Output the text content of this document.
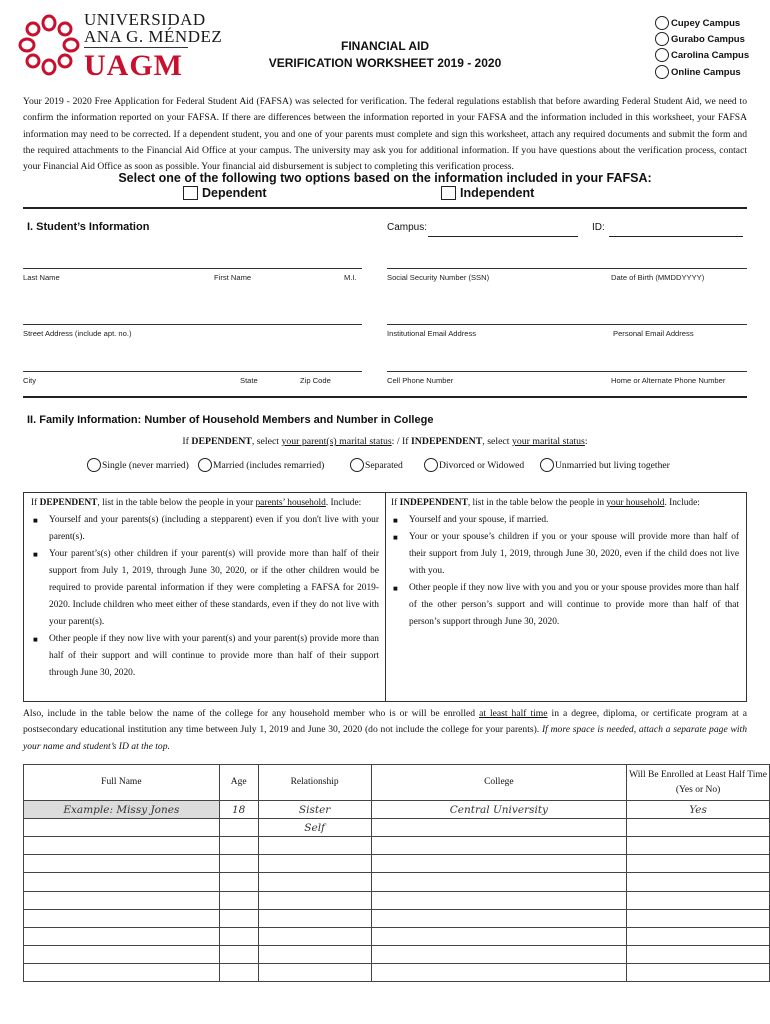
UNIVERSIDAD
ANA G. MÉNDEZ
UAGM
FINANCIAL AID
VERIFICATION WORKSHEET 2019 - 2020
Cupey Campus
Gurabo Campus
Carolina Campus
Online Campus
Your 2019 - 2020 Free Application for Federal Student Aid (FAFSA) was selected for verification. The federal regulations establish that before awarding Federal Student Aid, we need to confirm the information reported on your FAFSA. If there are differences between the information reported in your FAFSA and the information included in this worksheet, your FAFSA information may need to be corrected. If a dependent student, you and one of your parents must complete and sign this worksheet, attach any required documents and submit the form and the required attachments to the Financial Aid Office at your campus. The university may ask you for additional information. If you have questions about the verification process, contact your Financial Aid Office as soon as possible. Your financial aid disbursement is subject to completing this verification process.
Select one of the following two options based on the information included in your FAFSA:
Dependent	Independent
I. Student’s Information	Campus:	ID:
Last Name	First Name	M.I.	Social Security Number (SSN)	Date of Birth (MMDDYYYY)
Street Address (include apt. no.)	Institutional Email Address	Personal Email Address
City	State	Zip Code	Cell Phone Number	Home or Alternate Phone Number
II. Family Information: Number of Household Members and Number in College
If DEPENDENT, select your parent(s) marital status: / If INDEPENDENT, select your marital status:
Single (never married)	Married (includes remarried)	Separated	Divorced or Widowed	Unmarried but living together
If DEPENDENT, list in the table below the people in your parents’ household. Include:
■ Yourself and your parents(s) (including a stepparent) even if you don't live with your parent(s).
■ Your parent’s(s) other children if your parent(s) will provide more than half of their support from July 1, 2019, through June 30, 2020, or if the other children would be required to provide parental information if they were completing a FAFSA for 2019-2020. Include children who meet either of these standards, even if they do not live with your parent(s).
■ Other people if they now live with your parent(s) and your parent(s) provide more than half of their support and will continue to provide more than half of their support through June 30, 2020.
If INDEPENDENT, list in the table below the people in your household. Include:
■ Yourself and your spouse, if married.
■ Your or your spouse’s children if you or your spouse will provide more than half of their support from July 1, 2019, through June 30, 2020, even if the child does not live with you.
■ Other people if they now live with you and you or your spouse provides more than half of the other person’s support and will continue to provide more than half of that person’s support through June 30, 2020.
Also, include in the table below the name of the college for any household member who is or will be enrolled at least half time in a degree, diploma, or certificate program at a postsecondary educational institution any time between July 1, 2019 and June 30, 2020 (do not include the college for your parents). If more space is needed, attach a separate page with your name and student’s ID at the top.
Full Name	Age	Relationship	College	Will Be Enrolled at Least Half Time (Yes or No)
Example: Missy Jones	18	Sister	Central University	Yes
		Self		
